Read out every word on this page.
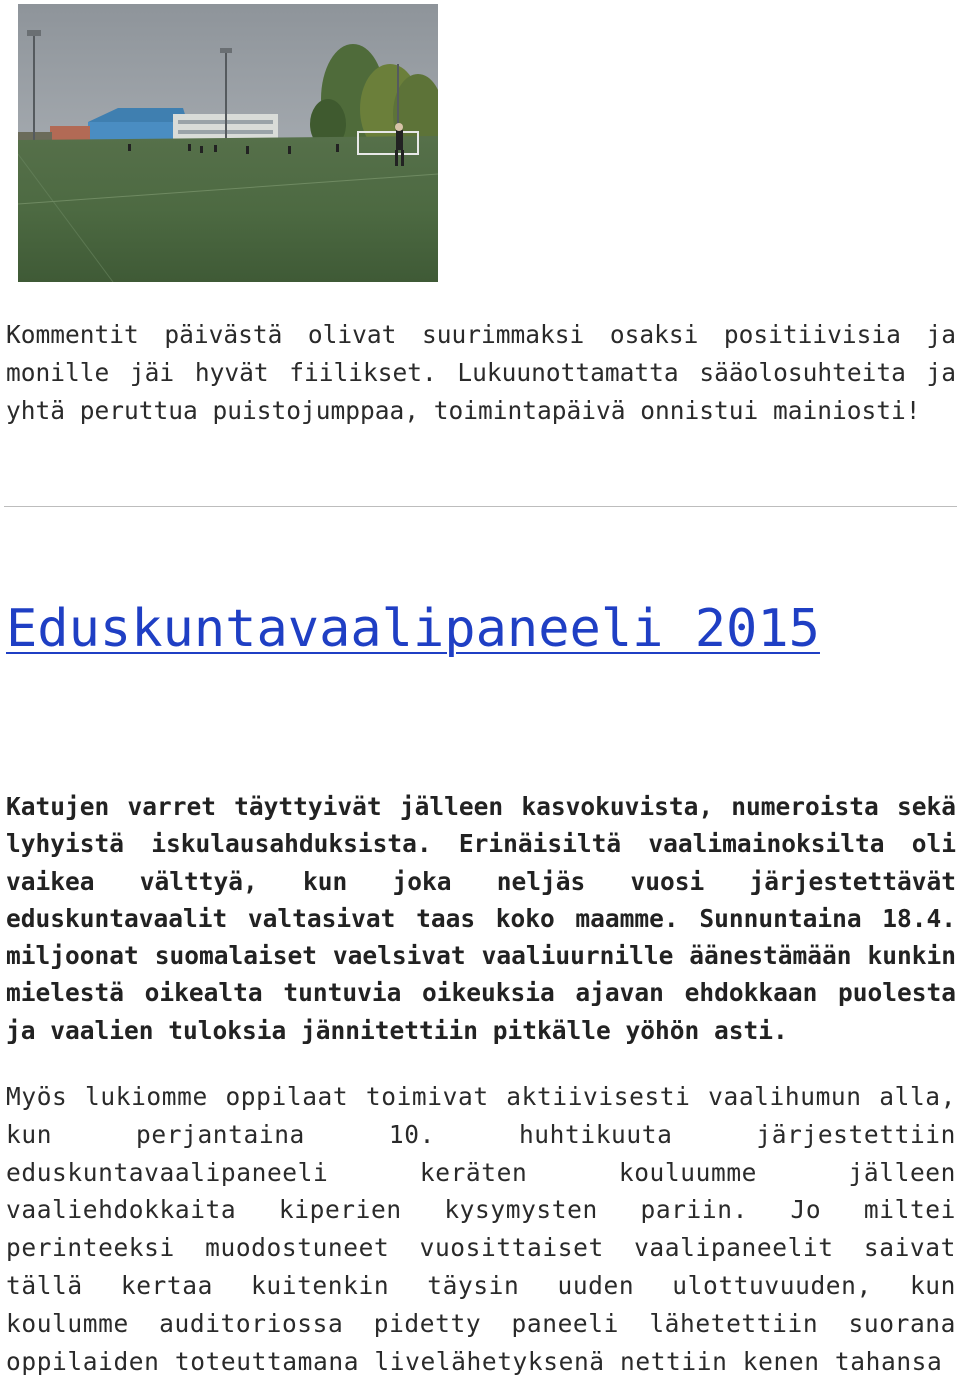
Kommentit päivästä olivat suurimmaksi osaksi positiivisia ja monille jäi hyvät fiilikset. Lukuunottamatta sääolosuhteita ja yhtä peruttua puistojumppaa, toimintapäivä onnistui mainiosti!

Eduskuntavaalipaneeli 2015

Katujen varret täyttyivät jälleen kasvokuvista, numeroista sekä lyhyistä iskulausahduksista. Erinäisiltä vaalimainoksilta oli vaikea välttyä, kun joka neljäs vuosi järjestettävät eduskuntavaalit valtasivat taas koko maamme. Sunnuntaina 18.4. miljoonat suomalaiset vaelsivat vaaliuurnille äänestämään kunkin mielestä oikealta tuntuvia oikeuksia ajavan ehdokkaan puolesta ja vaalien tuloksia jännitettiin pitkälle yöhön asti.

Myös lukiomme oppilaat toimivat aktiivisesti vaalihumun alla, kun perjantaina 10. huhtikuuta järjestettiin eduskuntavaalipaneeli keräten kouluumme jälleen vaaliehdokkaita kiperien kysymysten pariin. Jo miltei perinteeksi muodostuneet vuosittaiset vaalipaneelit saivat tällä kertaa kuitenkin täysin uuden ulottuvuuden, kun koulumme auditoriossa pidetty paneeli lähetettiin suorana oppilaiden toteuttamana livelähetyksenä nettiin kenen tahansa
